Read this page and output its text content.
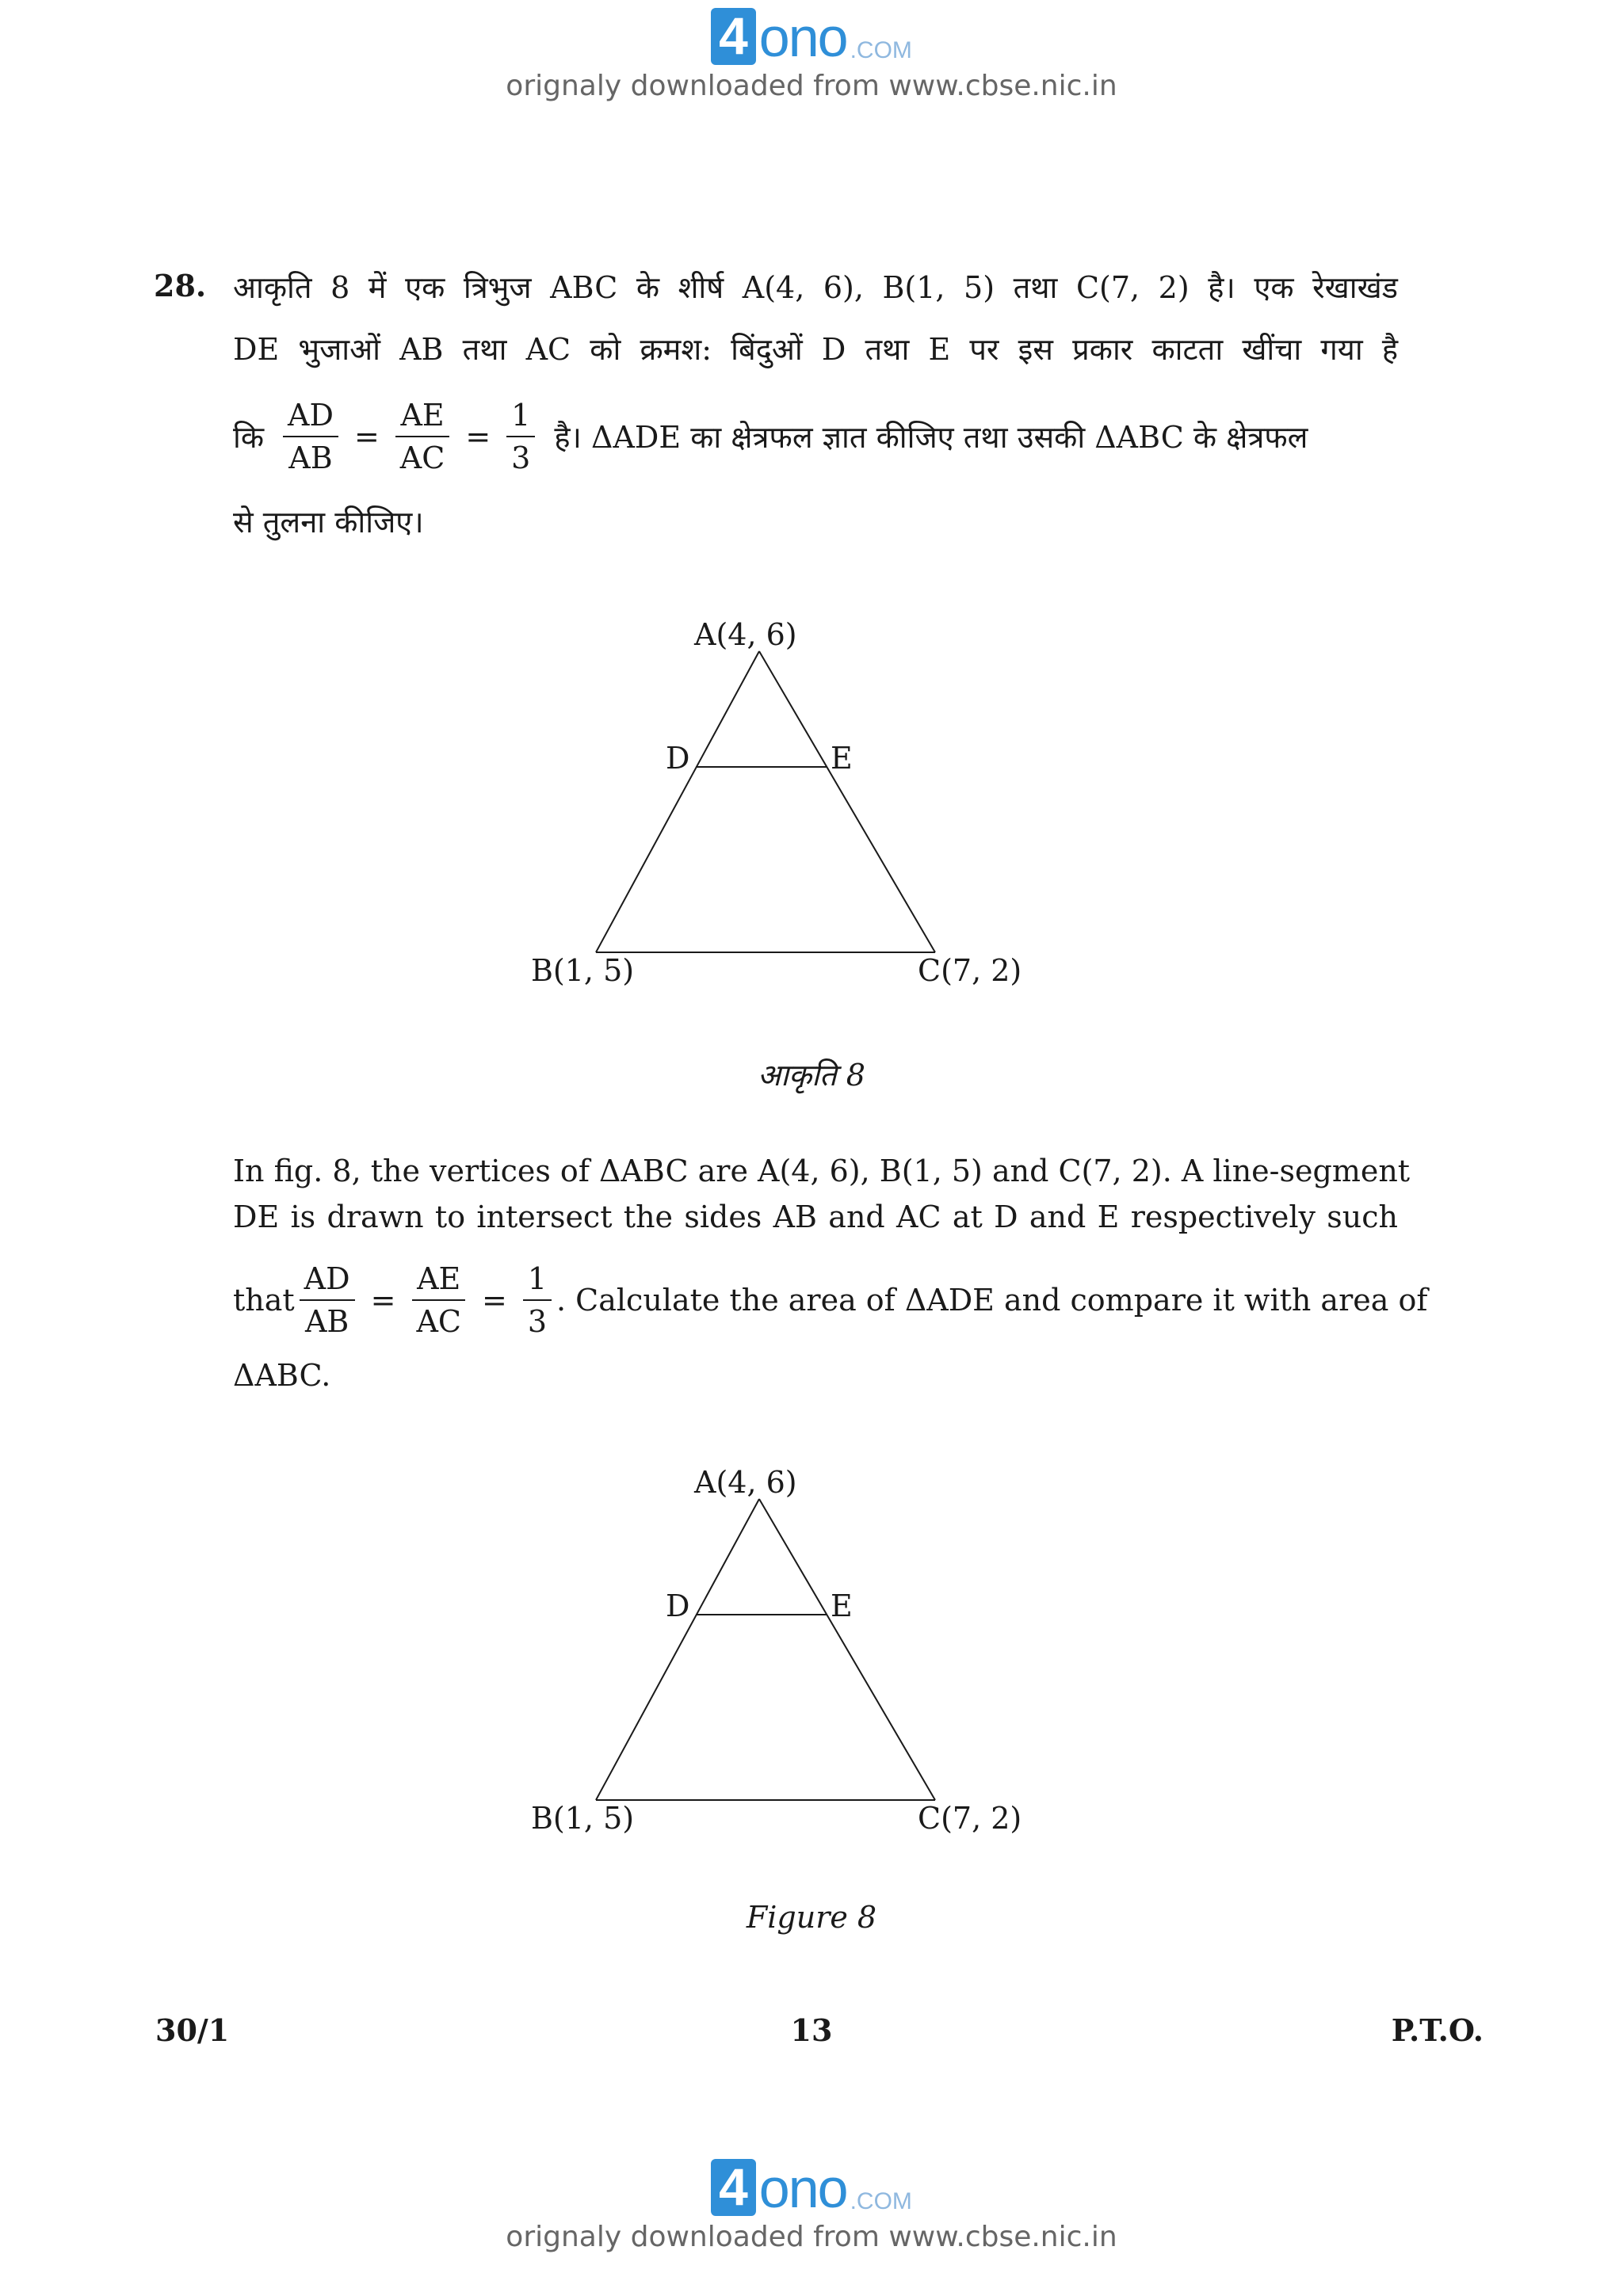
4 ono .COM
orignaly downloaded from www.cbse.nic.in
28. आकृति 8 में एक त्रिभुज ABC के शीर्ष A(4, 6), B(1, 5) तथा C(7, 2) है। एक रेखाखंड
DE भुजाओं AB तथा AC को क्रमश: बिंदुओं D तथा E पर इस प्रकार काटता खींचा गया है
कि $\frac{AD}{AB} = \frac{AE}{AC} = \frac{1}{3}$ है। ΔADE का क्षेत्रफल ज्ञात कीजिए तथा उसकी ΔABC के क्षेत्रफल
से तुलना कीजिए।
A(4, 6)
D	E
B(1, 5)	C(7, 2)
आकृति 8
In fig. 8, the vertices of ΔABC are A(4, 6), B(1, 5) and C(7, 2). A line-segment
DE is drawn to intersect the sides AB and AC at D and E respectively such
that $\frac{AD}{AB} = \frac{AE}{AC} = \frac{1}{3}$ . Calculate the area of ΔADE and compare it with area of
ΔABC.
A(4, 6)
D	E
B(1, 5)	C(7, 2)
Figure 8
30/1	13	P.T.O.
4 ono .COM
orignaly downloaded from www.cbse.nic.in
